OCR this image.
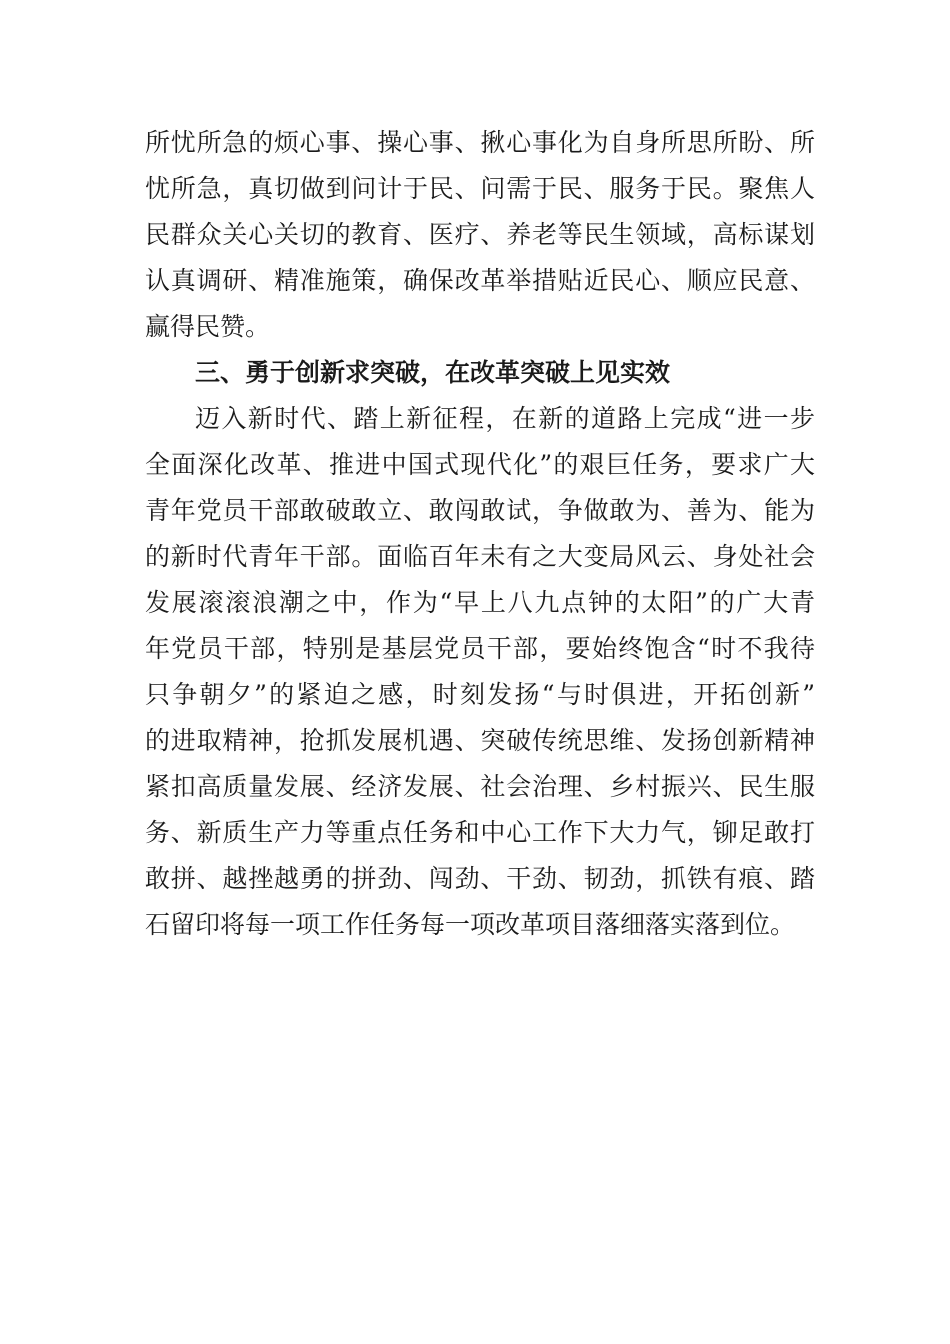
所忧所急的烦心事、操心事、揪心事化为自身所思所盼、所
忧所急，真切做到问计于民、问需于民、服务于民。聚焦人
民群众关心关切的教育、医疗、养老等民生领域，高标谋划
认真调研、精准施策，确保改革举措贴近民心、顺应民意、
赢得民赞。
三、勇于创新求突破，在改革突破上见实效
迈入新时代、踏上新征程，在新的道路上完成“进一步
全面深化改革、推进中国式现代化”的艰巨任务，要求广大
青年党员干部敢破敢立、敢闯敢试，争做敢为、善为、能为
的新时代青年干部。面临百年未有之大变局风云、身处社会
发展滚滚浪潮之中，作为“早上八九点钟的太阳”的广大青
年党员干部，特别是基层党员干部，要始终饱含“时不我待
只争朝夕”的紧迫之感，时刻发扬“与时俱进，开拓创新”
的进取精神，抢抓发展机遇、突破传统思维、发扬创新精神
紧扣高质量发展、经济发展、社会治理、乡村振兴、民生服
务、新质生产力等重点任务和中心工作下大力气，铆足敢打
敢拼、越挫越勇的拼劲、闯劲、干劲、韧劲，抓铁有痕、踏
石留印将每一项工作任务每一项改革项目落细落实落到位。
